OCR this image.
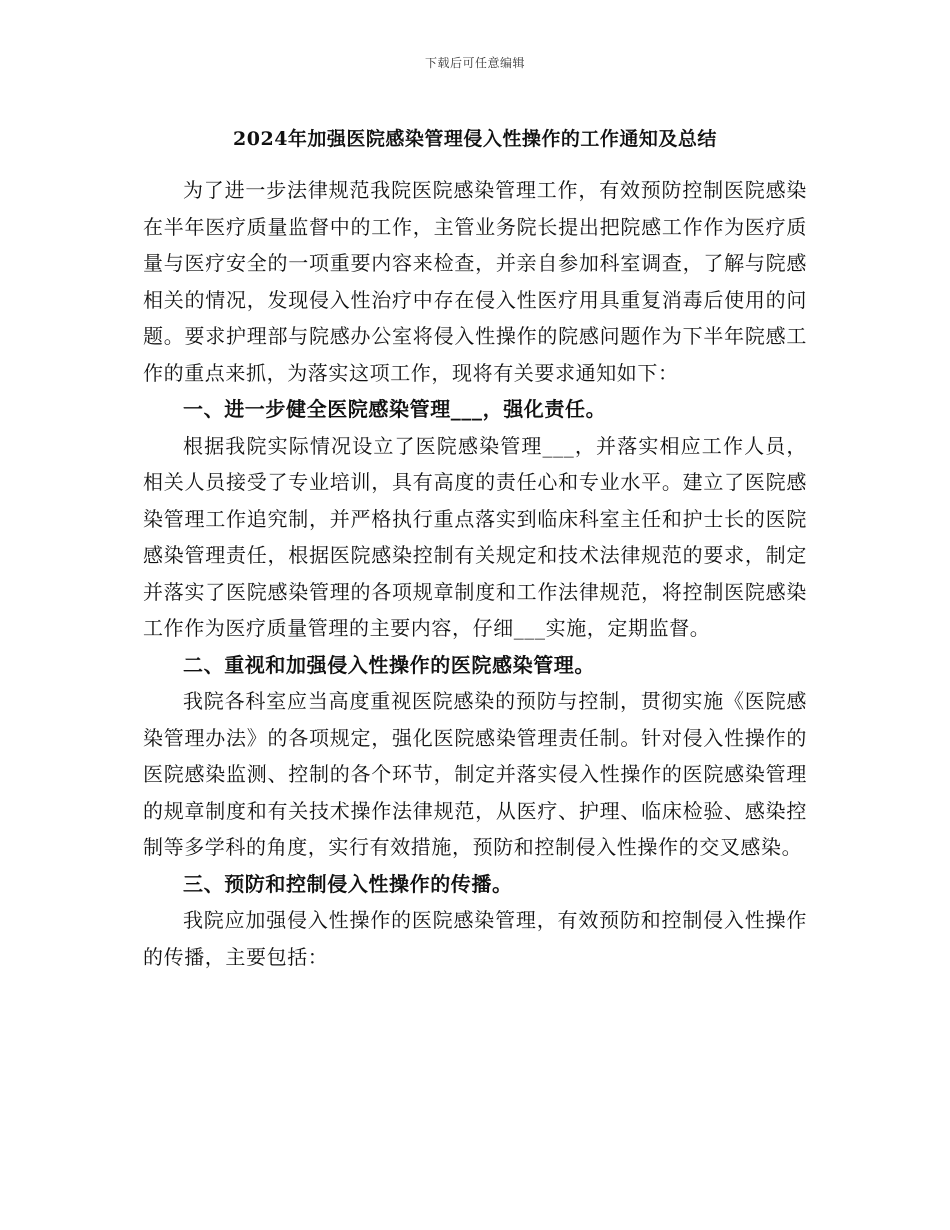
下载后可任意编辑
2024年加强医院感染管理侵入性操作的工作通知及总结

为了进一步法律规范我院医院感染管理工作，有效预防控制医院感染在半年医疗质量监督中的工作，主管业务院长提出把院感工作作为医疗质量与医疗安全的一项重要内容来检查，并亲自参加科室调查，了解与院感相关的情况，发现侵入性治疗中存在侵入性医疗用具重复消毒后使用的问题。要求护理部与院感办公室将侵入性操作的院感问题作为下半年院感工作的重点来抓，为落实这项工作，现将有关要求通知如下：

一、进一步健全医院感染管理___，强化责任。

根据我院实际情况设立了医院感染管理___，并落实相应工作人员，相关人员接受了专业培训，具有高度的责任心和专业水平。建立了医院感染管理工作追究制，并严格执行重点落实到临床科室主任和护士长的医院感染管理责任，根据医院感染控制有关规定和技术法律规范的要求，制定并落实了医院感染管理的各项规章制度和工作法律规范，将控制医院感染工作作为医疗质量管理的主要内容，仔细___实施，定期监督。

二、重视和加强侵入性操作的医院感染管理。

我院各科室应当高度重视医院感染的预防与控制，贯彻实施《医院感染管理办法》的各项规定，强化医院感染管理责任制。针对侵入性操作的医院感染监测、控制的各个环节，制定并落实侵入性操作的医院感染管理的规章制度和有关技术操作法律规范，从医疗、护理、临床检验、感染控制等多学科的角度，实行有效措施，预防和控制侵入性操作的交叉感染。

三、预防和控制侵入性操作的传播。

我院应加强侵入性操作的医院感染管理，有效预防和控制侵入性操作的传播，主要包括：
